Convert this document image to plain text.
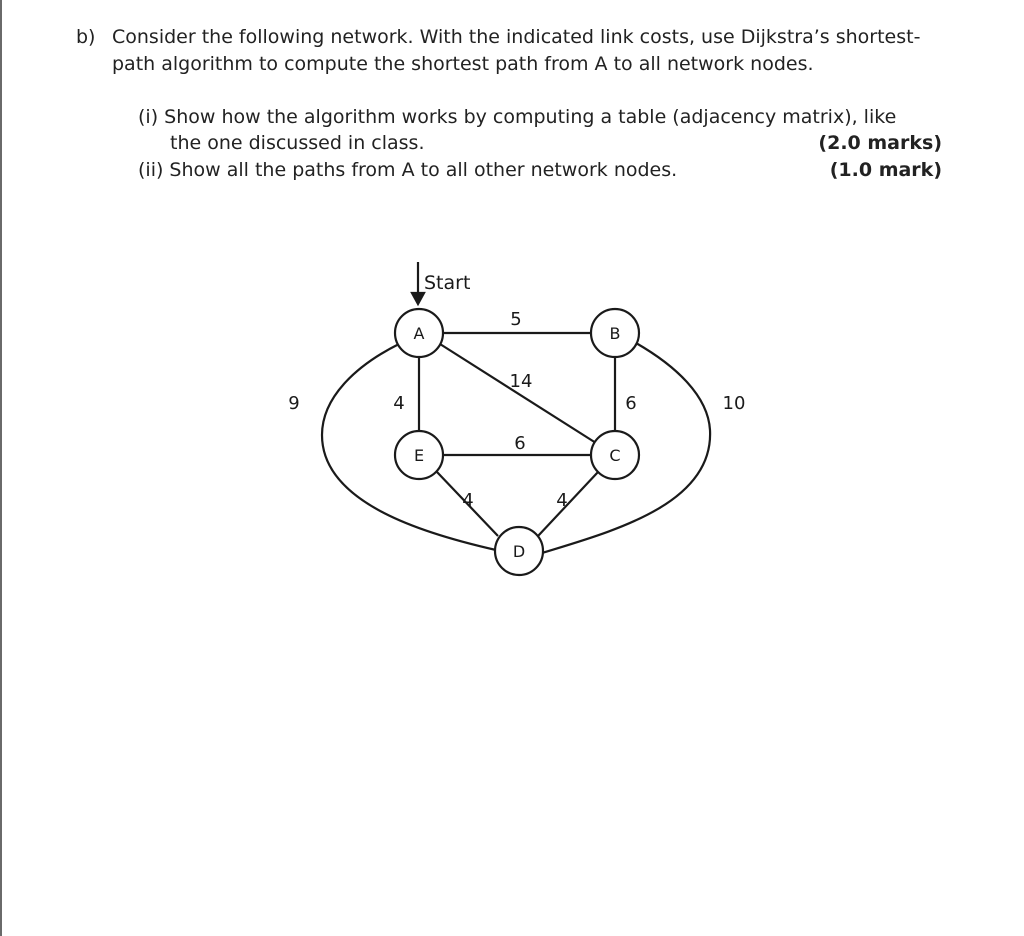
b) Consider the following network. With the indicated link costs, use Dijkstra’s shortest-path algorithm to compute the shortest path from A to all network nodes.
(i) Show how the algorithm works by computing a table (adjacency matrix), like
the one discussed in class.	(2.0 marks)
(ii) Show all the paths from A to all other network nodes.	(1.0 mark)
Start
A	B
E	C
D
5
14
4	6
6
4	4
9	10
